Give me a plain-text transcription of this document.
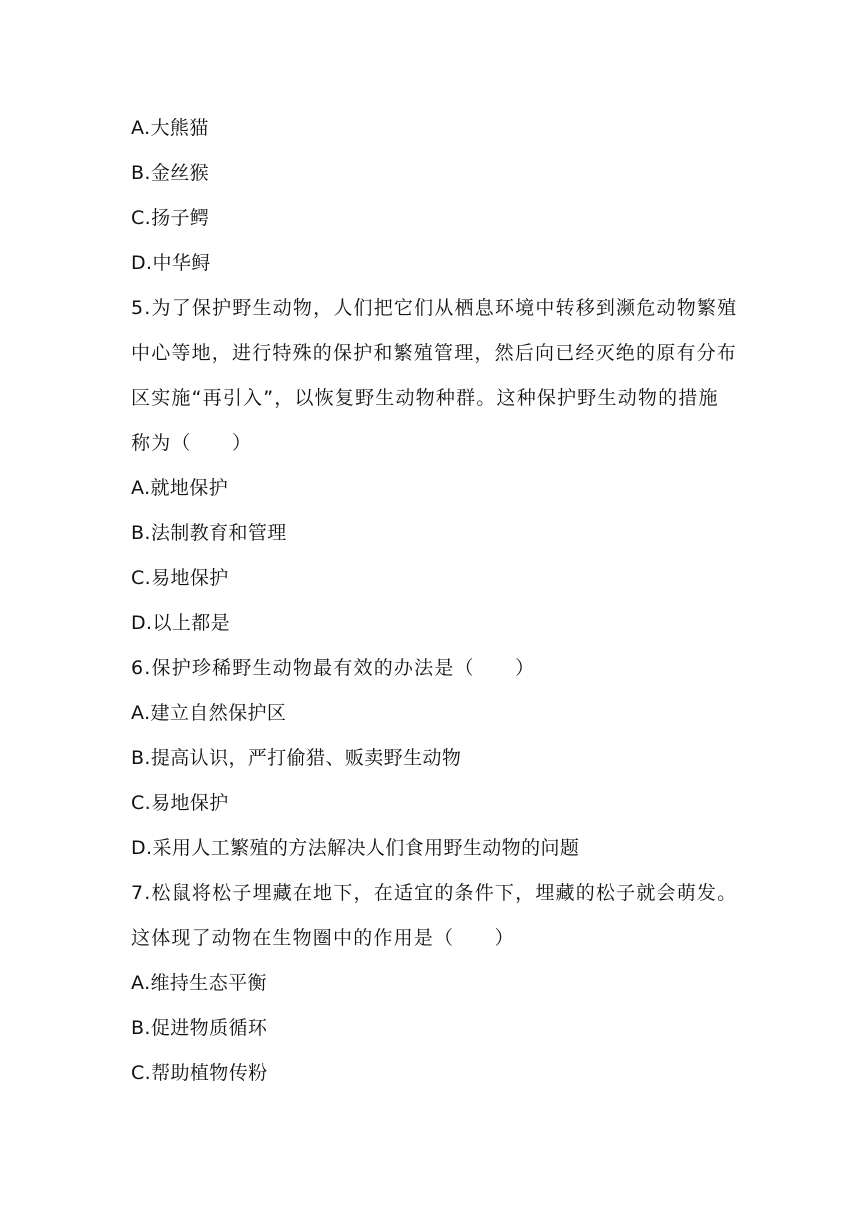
A.大熊猫
B.金丝猴
C.扬子鳄
D.中华鲟
5.为了保护野生动物，人们把它们从栖息环境中转移到濒危动物繁殖
中心等地，进行特殊的保护和繁殖管理，然后向已经灭绝的原有分布
区实施“再引入”，以恢复野生动物种群。这种保护野生动物的措施
称为（　　）
A.就地保护
B.法制教育和管理
C.易地保护
D.以上都是
6.保护珍稀野生动物最有效的办法是（　　）
A.建立自然保护区
B.提高认识，严打偷猎、贩卖野生动物
C.易地保护
D.采用人工繁殖的方法解决人们食用野生动物的问题
7.松鼠将松子埋藏在地下，在适宜的条件下，埋藏的松子就会萌发。
这体现了动物在生物圈中的作用是（　　）
A.维持生态平衡
B.促进物质循环
C.帮助植物传粉
